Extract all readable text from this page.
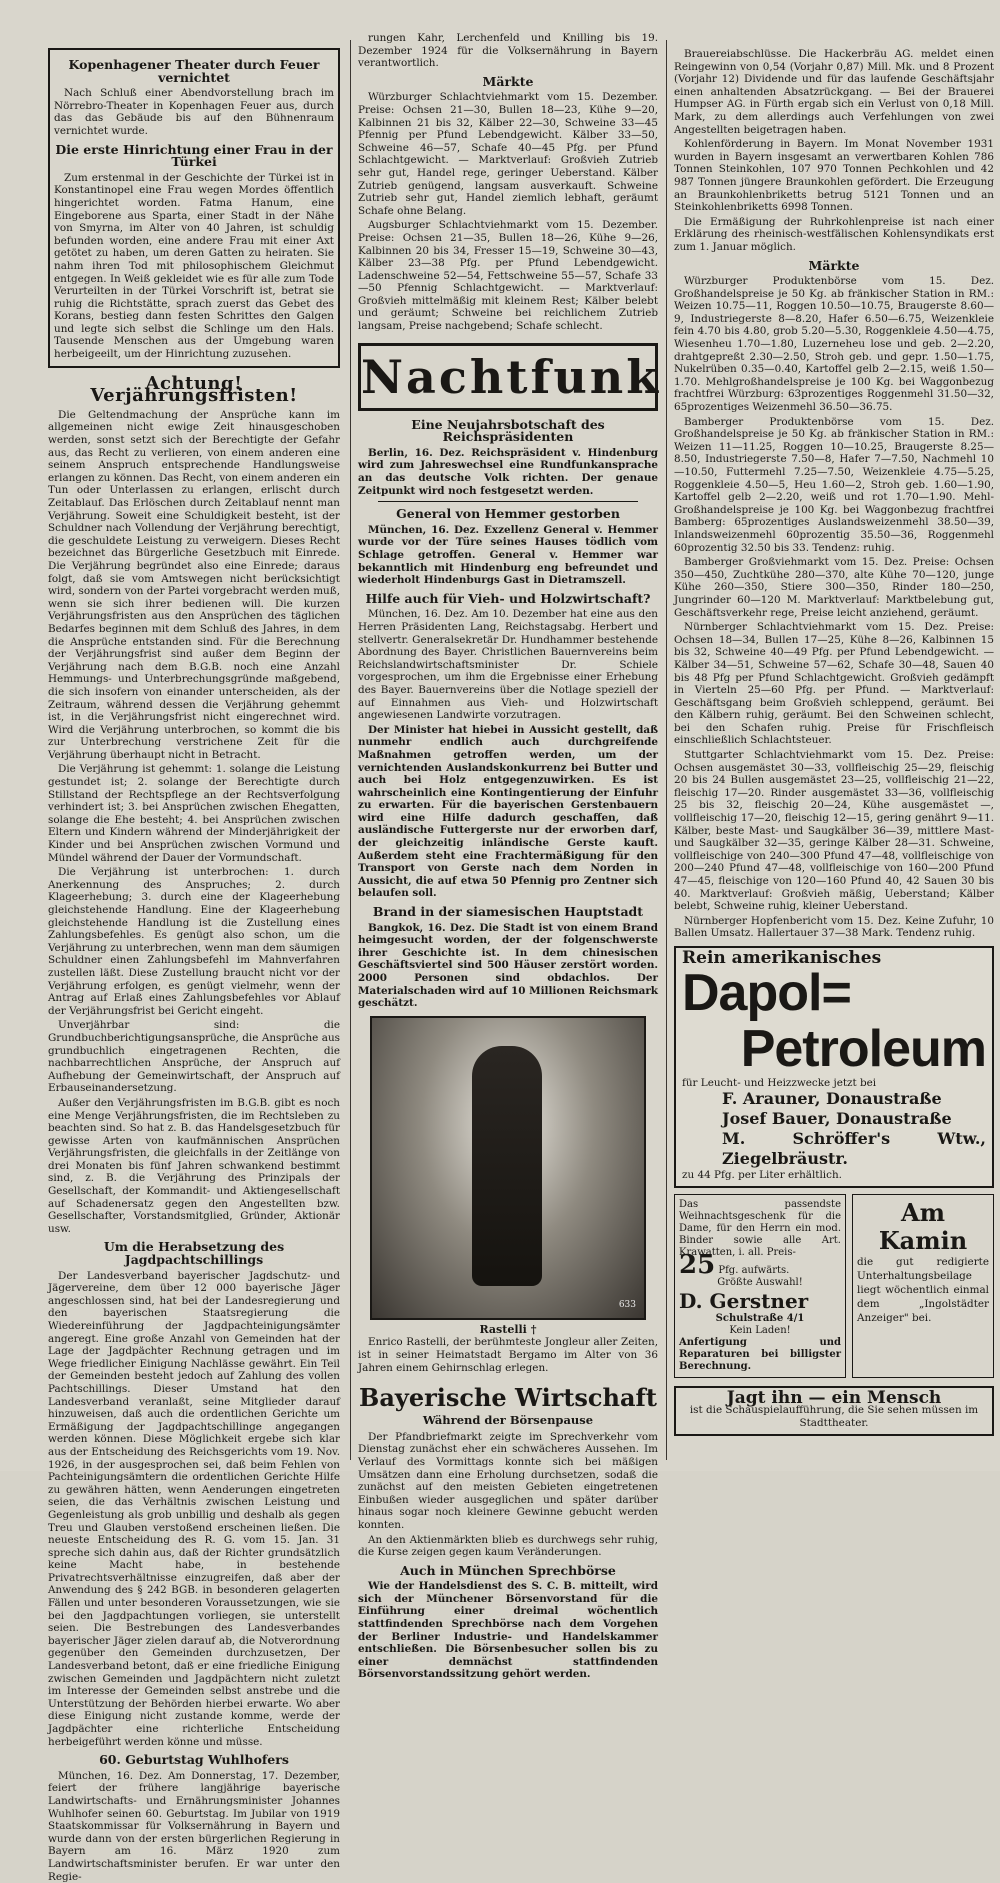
Kopenhagener Theater durch Feuer vernichtet

Nach Schluß einer Abendvorstellung brach im Nörrebro-Theater in Kopenhagen Feuer aus, durch das das Gebäude bis auf den Bühnenraum vernichtet wurde.

Die erste Hinrichtung einer Frau in der Türkei

Zum erstenmal in der Geschichte der Türkei ist in Konstantinopel eine Frau wegen Mordes öffentlich hingerichtet worden. Fatma Hanum, eine Eingeborene aus Sparta, einer Stadt in der Nähe von Smyrna, im Alter von 40 Jahren, ist schuldig befunden worden, eine andere Frau mit einer Axt getötet zu haben, um deren Gatten zu heiraten. Sie nahm ihren Tod mit philosophischem Gleichmut entgegen. In Weiß gekleidet wie es für alle zum Tode Verurteilten in der Türkei Vorschrift ist, betrat sie ruhig die Richtstätte, sprach zuerst das Gebet des Korans, bestieg dann festen Schrittes den Galgen und legte sich selbst die Schlinge um den Hals. Tausende Menschen aus der Umgebung waren herbeigeeilt, um der Hinrichtung zuzusehen.

Achtung! Verjährungsfristen!

Die Geltendmachung der Ansprüche kann im allgemeinen nicht ewige Zeit hinausgeschoben werden, sonst setzt sich der Berechtigte der Gefahr aus, das Recht zu verlieren, von einem anderen eine seinem Anspruch entsprechende Handlungsweise erlangen zu können. Das Recht, von einem anderen ein Tun oder Unterlassen zu erlangen, erlischt durch Zeitablauf. Das Erlöschen durch Zeitablauf nennt man Verjährung. Soweit eine Schuldigkeit besteht, ist der Schuldner nach Vollendung der Verjährung berechtigt, die geschuldete Leistung zu verweigern. Dieses Recht bezeichnet das Bürgerliche Gesetzbuch mit Einrede. Die Verjährung begründet also eine Einrede; daraus folgt, daß sie vom Amtswegen nicht berücksichtigt wird, sondern von der Partei vorgebracht werden muß, wenn sie sich ihrer bedienen will. Die kurzen Verjährungsfristen aus den Ansprüchen des täglichen Bedarfes beginnen mit dem Schluß des Jahres, in dem die Ansprüche entstanden sind. Für die Berechnung der Verjährungsfrist sind außer dem Beginn der Verjährung nach dem B.G.B. noch eine Anzahl Hemmungs- und Unterbrechungsgründe maßgebend, die sich insofern von einander unterscheiden, als der Zeitraum, während dessen die Verjährung gehemmt ist, in die Verjährungsfrist nicht eingerechnet wird. Wird die Verjährung unterbrochen, so kommt die bis zur Unterbrechung verstrichene Zeit für die Verjährung überhaupt nicht in Betracht.

Die Verjährung ist gehemmt: 1. solange die Leistung gestundet ist; 2. solange der Berechtigte durch Stillstand der Rechtspflege an der Rechtsverfolgung verhindert ist; 3. bei Ansprüchen zwischen Ehegatten, solange die Ehe besteht; 4. bei Ansprüchen zwischen Eltern und Kindern während der Minderjährigkeit der Kinder und bei Ansprüchen zwischen Vormund und Mündel während der Dauer der Vormundschaft.

Die Verjährung ist unterbrochen: 1. durch Anerkennung des Anspruches; 2. durch Klageerhebung; 3. durch eine der Klageerhebung gleichstehende Handlung. Eine der Klageerhebung gleichstehende Handlung ist die Zustellung eines Zahlungsbefehles. Es genügt also schon, um die Verjährung zu unterbrechen, wenn man dem säumigen Schuldner einen Zahlungsbefehl im Mahnverfahren zustellen läßt. Diese Zustellung braucht nicht vor der Verjährung erfolgen, es genügt vielmehr, wenn der Antrag auf Erlaß eines Zahlungsbefehles vor Ablauf der Verjährungsfrist bei Gericht eingeht.

Unverjährbar sind: die Grundbuchberichtigungsansprüche, die Ansprüche aus grundbuchlich eingetragenen Rechten, die nachbarrechtlichen Ansprüche, der Anspruch auf Aufhebung der Gemeinwirtschaft, der Anspruch auf Erbauseinandersetzung.

Außer den Verjährungsfristen im B.G.B. gibt es noch eine Menge Verjährungsfristen, die im Rechtsleben zu beachten sind. So hat z. B. das Handelsgesetzbuch für gewisse Arten von kaufmännischen Ansprüchen Verjährungsfristen, die gleichfalls in der Zeitlänge von drei Monaten bis fünf Jahren schwankend bestimmt sind, z. B. die Verjährung des Prinzipals der Gesellschaft, der Kommandit- und Aktiengesellschaft auf Schadenersatz gegen den Angestellten bzw. Gesellschafter, Vorstandsmitglied, Gründer, Aktionär usw.

Um die Herabsetzung des Jagdpachtschillings

Der Landesverband bayerischer Jagdschutz- und Jägervereine, dem über 12 000 bayerische Jäger angeschlossen sind, hat bei der Landesregierung und den bayerischen Staatsregierung die Wiedereinführung der Jagdpachteinigungsämter angeregt. Eine große Anzahl von Gemeinden hat der Lage der Jagdpächter Rechnung getragen und im Wege friedlicher Einigung Nachlässe gewährt. Ein Teil der Gemeinden besteht jedoch auf Zahlung des vollen Pachtschillings. Dieser Umstand hat den Landesverband veranlaßt, seine Mitglieder darauf hinzuweisen, daß auch die ordentlichen Gerichte um Ermäßigung der Jagdpachtschillinge angegangen werden können. Diese Möglichkeit ergebe sich klar aus der Entscheidung des Reichsgerichts vom 19. Nov. 1926, in der ausgesprochen sei, daß beim Fehlen von Pachteinigungsämtern die ordentlichen Gerichte Hilfe zu gewähren hätten, wenn Aenderungen eingetreten seien, die das Verhältnis zwischen Leistung und Gegenleistung als grob unbillig und deshalb als gegen Treu und Glauben verstoßend erscheinen ließen. Die neueste Entscheidung des R. G. vom 15. Jan. 31 spreche sich dahin aus, daß der Richter grundsätzlich keine Macht habe, in bestehende Privatrechtsverhältnisse einzugreifen, daß aber der Anwendung des § 242 BGB. in besonderen gelagerten Fällen und unter besonderen Voraussetzungen, wie sie bei den Jagdpachtungen vorliegen, sie unterstellt seien. Die Bestrebungen des Landesverbandes bayerischer Jäger zielen darauf ab, die Notverordnung gegenüber den Gemeinden durchzusetzen, Der Landesverband betont, daß er eine friedliche Einigung zwischen Gemeinden und Jagdpächtern nicht zuletzt im Interesse der Gemeinden selbst anstrebe und die Unterstützung der Behörden hierbei erwarte. Wo aber diese Einigung nicht zustande komme, werde der Jagdpächter eine richterliche Entscheidung herbeigeführt werden könne und müsse.

60. Geburtstag Wuhlhofers

München, 16. Dez. Am Donnerstag, 17. Dezember, feiert der frühere langjährige bayerische Landwirtschafts- und Ernährungsminister Johannes Wuhlhofer seinen 60. Geburtstag. Im Jubilar von 1919 Staatskommissar für Volksernährung in Bayern und wurde dann von der ersten bürgerlichen Regierung in Bayern am 16. März 1920 zum Landwirtschaftsminister berufen. Er war unter den Regie-

rungen Kahr, Lerchenfeld und Knilling bis 19. Dezember 1924 für die Volksernährung in Bayern verantwortlich.

Märkte

Würzburger Schlachtviehmarkt vom 15. Dezember. Preise: Ochsen 21—30, Bullen 18—23, Kühe 9—20, Kalbinnen 21 bis 32, Kälber 22—30, Schweine 33—45 Pfennig per Pfund Lebendgewicht. Kälber 33—50, Schweine 46—57, Schafe 40—45 Pfg. per Pfund Schlachtgewicht. — Marktverlauf: Großvieh Zutrieb sehr gut, Handel rege, geringer Ueberstand. Kälber Zutrieb genügend, langsam ausverkauft. Schweine Zutrieb sehr gut, Handel ziemlich lebhaft, geräumt Schafe ohne Belang.

Augsburger Schlachtviehmarkt vom 15. Dezember. Preise: Ochsen 21—35, Bullen 18—26, Kühe 9—26, Kalbinnen 20 bis 34, Fresser 15—19, Schweine 30—43, Kälber 23—38 Pfg. per Pfund Lebendgewicht. Ladenschweine 52—54, Fettschweine 55—57, Schafe 33—50 Pfennig Schlachtgewicht. — Marktverlauf: Großvieh mittelmäßig mit kleinem Rest; Kälber belebt und geräumt; Schweine bei reichlichem Zutrieb langsam, Preise nachgebend; Schafe schlecht.

Nachtfunk
Eine Neujahrsbotschaft des Reichspräsidenten

Berlin, 16. Dez. Reichspräsident v. Hindenburg wird zum Jahreswechsel eine Rundfunkansprache an das deutsche Volk richten. Der genaue Zeitpunkt wird noch festgesetzt werden.

General von Hemmer gestorben

München, 16. Dez. Exzellenz General v. Hemmer wurde vor der Türe seines Hauses tödlich vom Schlage getroffen. General v. Hemmer war bekanntlich mit Hindenburg eng befreundet und wiederholt Hindenburgs Gast in Dietramszell.

Hilfe auch für Vieh- und Holzwirtschaft?

München, 16. Dez. Am 10. Dezember hat eine aus den Herren Präsidenten Lang, Reichstagsabg. Herbert und stellvertr. Generalsekretär Dr. Hundhammer bestehende Abordnung des Bayer. Christlichen Bauernvereins beim Reichslandwirtschaftsminister Dr. Schiele vorgesprochen, um ihm die Ergebnisse einer Erhebung des Bayer. Bauernvereins über die Notlage speziell der auf Einnahmen aus Vieh- und Holzwirtschaft angewiesenen Landwirte vorzutragen.

Der Minister hat hiebei in Aussicht gestellt, daß nunmehr endlich auch durchgreifende Maßnahmen getroffen werden, um der vernichtenden Auslandskonkurrenz bei Butter und auch bei Holz entgegenzuwirken. Es ist wahrscheinlich eine Kontingentierung der Einfuhr zu erwarten. Für die bayerischen Gerstenbauern wird eine Hilfe dadurch geschaffen, daß ausländische Futtergerste nur der erworben darf, der gleichzeitig inländische Gerste kauft. Außerdem steht eine Frachtermäßigung für den Transport von Gerste nach dem Norden in Aussicht, die auf etwa 50 Pfennig pro Zentner sich belaufen soll.

Brand in der siamesischen Hauptstadt

Bangkok, 16. Dez. Die Stadt ist von einem Brand heimgesucht worden, der der folgenschwerste ihrer Geschichte ist. In dem chinesischen Geschäftsviertel sind 500 Häuser zerstört worden. 2000 Personen sind obdachlos. Der Materialschaden wird auf 10 Millionen Reichsmark geschätzt.

633
Rastelli †

Enrico Rastelli, der berühmteste Jongleur aller Zeiten, ist in seiner Heimatstadt Bergamo im Alter von 36 Jahren einem Gehirnschlag erlegen.

Bayerische Wirtschaft
Während der Börsenpause

Der Pfandbriefmarkt zeigte im Sprechverkehr vom Dienstag zunächst eher ein schwächeres Aussehen. Im Verlauf des Vormittags konnte sich bei mäßigen Umsätzen dann eine Erholung durchsetzen, sodaß die zunächst auf den meisten Gebieten eingetretenen Einbußen wieder ausgeglichen und später darüber hinaus sogar noch kleinere Gewinne gebucht werden konnten.

An den Aktienmärkten blieb es durchwegs sehr ruhig, die Kurse zeigen gegen kaum Veränderungen.

Auch in München Sprechbörse

Wie der Handelsdienst des S. C. B. mitteilt, wird sich der Münchener Börsenvorstand für die Einführung einer dreimal wöchentlich stattfindenden Sprechbörse nach dem Vorgehen der Berliner Industrie- und Handelskammer entschließen. Die Börsenbesucher sollen bis zu einer demnächst stattfindenden Börsenvorstandssitzung gehört werden.

Brauereiabschlüsse. Die Hackerbräu AG. meldet einen Reingewinn von 0,54 (Vorjahr 0,87) Mill. Mk. und 8 Prozent (Vorjahr 12) Dividende und für das laufende Geschäftsjahr einen anhaltenden Absatzrückgang. — Bei der Brauerei Humpser AG. in Fürth ergab sich ein Verlust von 0,18 Mill. Mark, zu dem allerdings auch Verfehlungen von zwei Angestellten beigetragen haben.

Kohlenförderung in Bayern. Im Monat November 1931 wurden in Bayern insgesamt an verwertbaren Kohlen 786 Tonnen Steinkohlen, 107 970 Tonnen Pechkohlen und 42 987 Tonnen jüngere Braunkohlen gefördert. Die Erzeugung an Braunkohlenbriketts betrug 5121 Tonnen und an Steinkohlenbriketts 6998 Tonnen.

Die Ermäßigung der Ruhrkohlenpreise ist nach einer Erklärung des rheinisch-westfälischen Kohlensyndikats erst zum 1. Januar möglich.

Märkte

Würzburger Produktenbörse vom 15. Dez. Großhandelspreise je 50 Kg. ab fränkischer Station in RM.: Weizen 10.75—11, Roggen 10.50—10.75, Braugerste 8.60—9, Industriegerste 8—8.20, Hafer 6.50—6.75, Weizenkleie fein 4.70 bis 4.80, grob 5.20—5.30, Roggenkleie 4.50—4.75, Wiesenheu 1.70—1.80, Luzerneheu lose und geb. 2—2.20, drahtgepreßt 2.30—2.50, Stroh geb. und gepr. 1.50—1.75, Nukelrüben 0.35—0.40, Kartoffel gelb 2—2.15, weiß 1.50—1.70. Mehlgroßhandelspreise je 100 Kg. bei Waggonbezug frachtfrei Würzburg: 63prozentiges Roggenmehl 31.50—32, 65prozentiges Weizenmehl 36.50—36.75.

Bamberger Produktenbörse vom 15. Dez. Großhandelspreise je 50 Kg. ab fränkischer Station in RM.: Weizen 11—11.25, Roggen 10—10.25, Braugerste 8.25—8.50, Industriegerste 7.50—8, Hafer 7—7.50, Nachmehl 10—10.50, Futtermehl 7.25—7.50, Weizenkleie 4.75—5.25, Roggenkleie 4.50—5, Heu 1.60—2, Stroh geb. 1.60—1.90, Kartoffel gelb 2—2.20, weiß und rot 1.70—1.90. Mehl-Großhandelspreise je 100 Kg. bei Waggonbezug frachtfrei Bamberg: 65prozentiges Auslandsweizenmehl 38.50—39, Inlandsweizenmehl 60prozentig 35.50—36, Roggenmehl 60prozentig 32.50 bis 33. Tendenz: ruhig.

Bamberger Großviehmarkt vom 15. Dez. Preise: Ochsen 350—450, Zuchtkühe 280—370, alte Kühe 70—120, junge Kühe 260—350, Stiere 300—350, Rinder 180—250, Jungrinder 60—120 M. Marktverlauf: Marktbelebung gut, Geschäftsverkehr rege, Preise leicht anziehend, geräumt.

Nürnberger Schlachtviehmarkt vom 15. Dez. Preise: Ochsen 18—34, Bullen 17—25, Kühe 8—26, Kalbinnen 15 bis 32, Schweine 40—49 Pfg. per Pfund Lebendgewicht. — Kälber 34—51, Schweine 57—62, Schafe 30—48, Sauen 40 bis 48 Pfg per Pfund Schlachtgewicht. Großvieh gedämpft in Vierteln 25—60 Pfg. per Pfund. — Marktverlauf: Geschäftsgang beim Großvieh schleppend, geräumt. Bei den Kälbern ruhig, geräumt. Bei den Schweinen schlecht, bei den Schafen ruhig. Preise für Frischfleisch einschließlich Schlachtsteuer.

Stuttgarter Schlachtviehmarkt vom 15. Dez. Preise: Ochsen ausgemästet 30—33, vollfleischig 25—29, fleischig 20 bis 24 Bullen ausgemästet 23—25, vollfleischig 21—22, fleischig 17—20. Rinder ausgemästet 33—36, vollfleischig 25 bis 32, fleischig 20—24, Kühe ausgemästet —, vollfleischig 17—20, fleischig 12—15, gering genährt 9—11. Kälber, beste Mast- und Saugkälber 36—39, mittlere Mast- und Saugkälber 32—35, geringe Kälber 28—31. Schweine, vollfleischige von 240—300 Pfund 47—48, vollfleischige von 200—240 Pfund 47—48, vollfleischige von 160—200 Pfund 47—45, fleischige von 120—160 Pfund 40, 42 Sauen 30 bis 40. Marktverlauf: Großvieh mäßig, Ueberstand; Kälber belebt, Schweine ruhig, kleiner Ueberstand.

Nürnberger Hopfenbericht vom 15. Dez. Keine Zufuhr, 10 Ballen Umsatz. Hallertauer 37—38 Mark. Tendenz ruhig.

Rein amerikanisches
Dapol=
Petroleum
für Leucht- und Heizzwecke jetzt bei
F. Arauner, Donaustraße
Josef Bauer, Donaustraße
M. Schröffer's Wtw., Ziegelbräustr.
zu 44 Pfg. per Liter erhältlich.
Das passendste Weihnachtsgeschenk für die Dame, für den Herrn ein mod. Binder sowie alle Art. Krawatten, i. all. Preis-
25 Pfg. aufwärts.
Größte Auswahl!
D. Gerstner
Schulstraße 4/1
Kein Laden!
Anfertigung und Reparaturen bei billigster Berechnung.
Am
Kamin
die gut redigierte Unterhaltungsbeilage liegt wöchentlich einmal dem „Ingolstädter Anzeiger" bei.
Jagt ihn — ein Mensch
ist die Schauspielaufführung, die Sie sehen müssen im Stadttheater.
